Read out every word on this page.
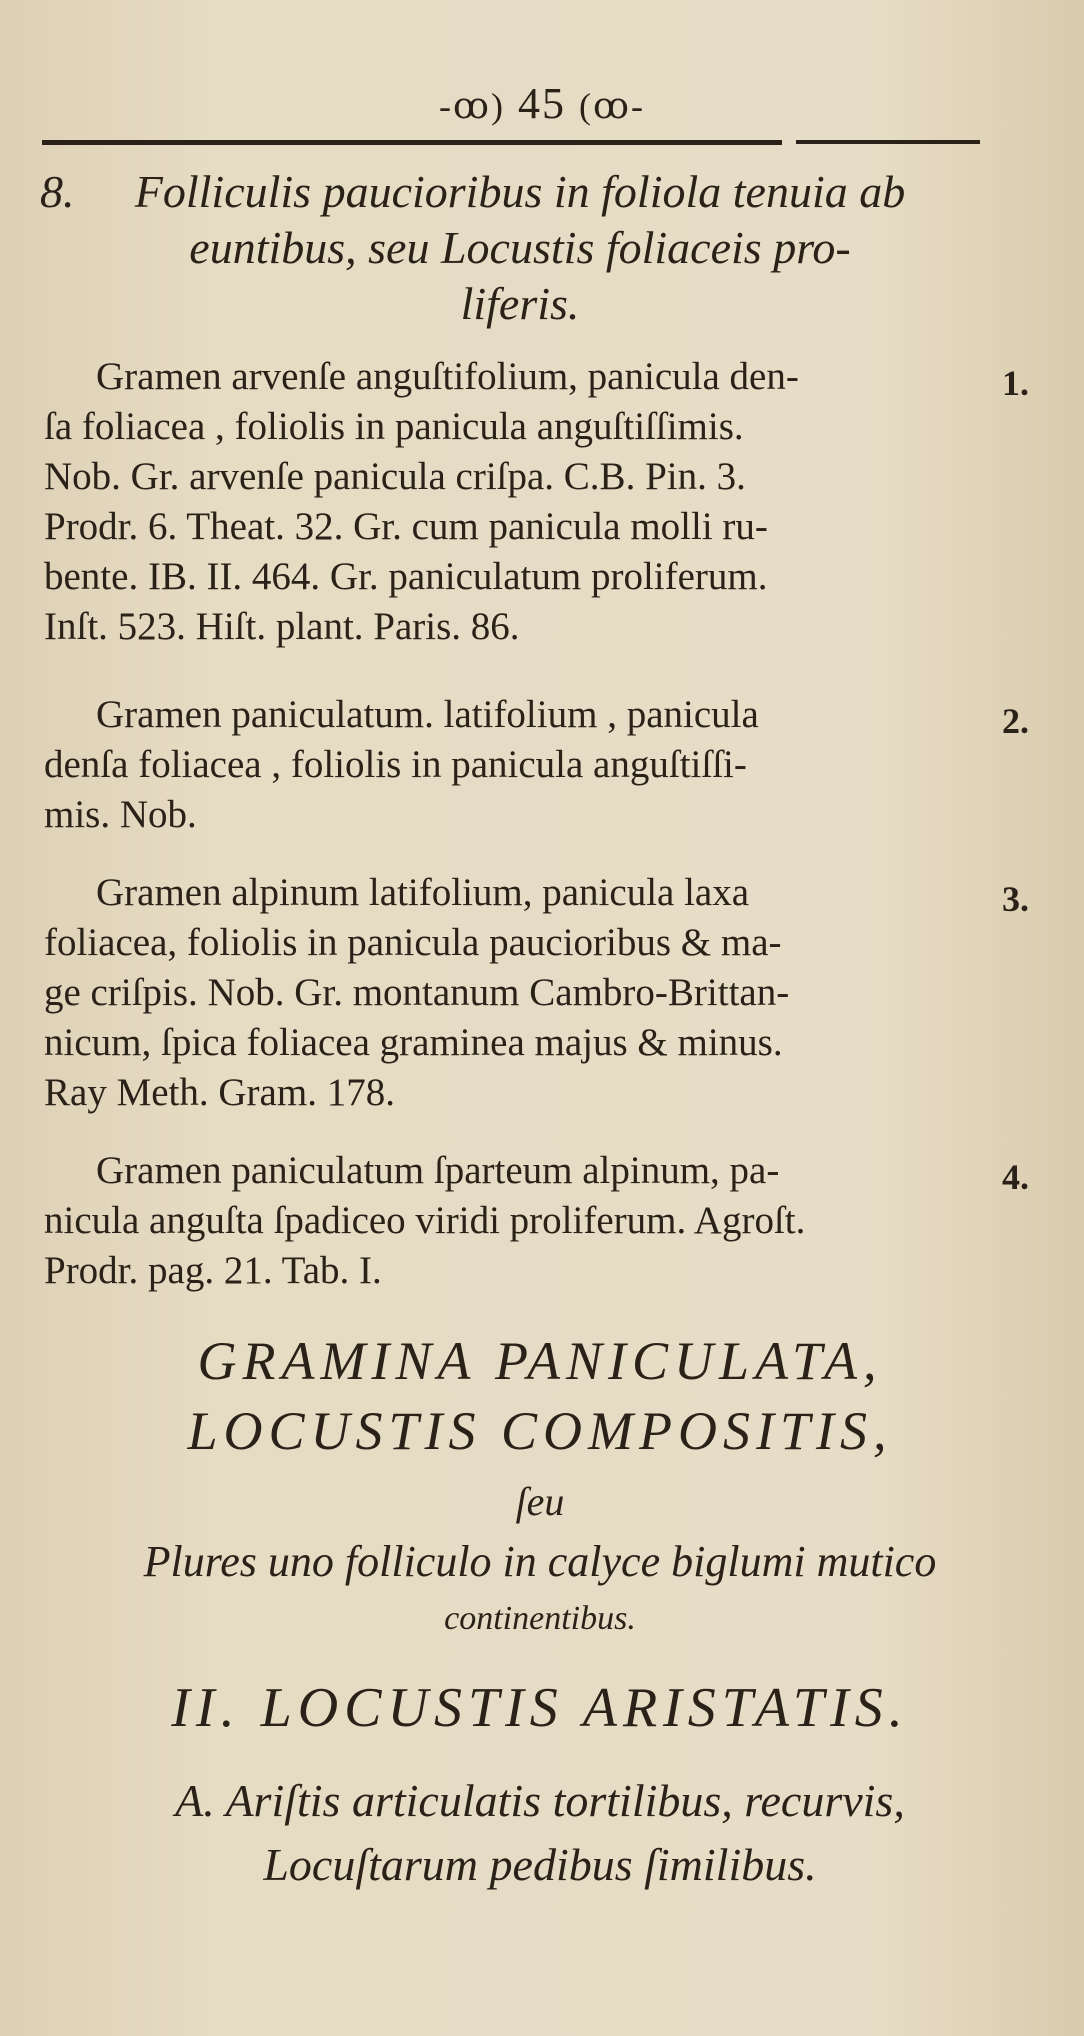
-ꝏ) 45 (ꝏ-
8.	Folliculis paucioribus in foliola tenuia ab
euntibus, seu Locustis foliaceis pro-
liferis.
Gramen arvenſe anguſtifolium, panicula den-
ſa foliacea , foliolis in panicula anguſtiſſimis.
Nob. Gr. arvenſe panicula criſpa. C.B. Pin. 3.
Prodr. 6. Theat. 32. Gr. cum panicula molli ru-
bente. IB. II. 464. Gr. paniculatum proliferum.
Inſt. 523. Hiſt. plant. Paris. 86.
1.
Gramen paniculatum. latifolium , panicula
denſa foliacea , foliolis in panicula anguſtiſſi-
mis. Nob.
2.
Gramen alpinum latifolium, panicula laxa
foliacea, foliolis in panicula paucioribus & ma-
ge criſpis. Nob. Gr. montanum Cambro-Brittan-
nicum, ſpica foliacea graminea majus & minus.
Ray Meth. Gram. 178.
3.
Gramen paniculatum ſparteum alpinum, pa-
nicula anguſta ſpadiceo viridi proliferum. Agroſt.
Prodr. pag. 21. Tab. I.
4.
GRAMINA PANICULATA,
LOCUSTIS COMPOSITIS,
ſeu
Plures uno folliculo in calyce biglumi mutico
continentibus.
II. LOCUSTIS ARISTATIS.
A. Ariſtis articulatis tortilibus, recurvis,
Locuſtarum pedibus ſimilibus.
